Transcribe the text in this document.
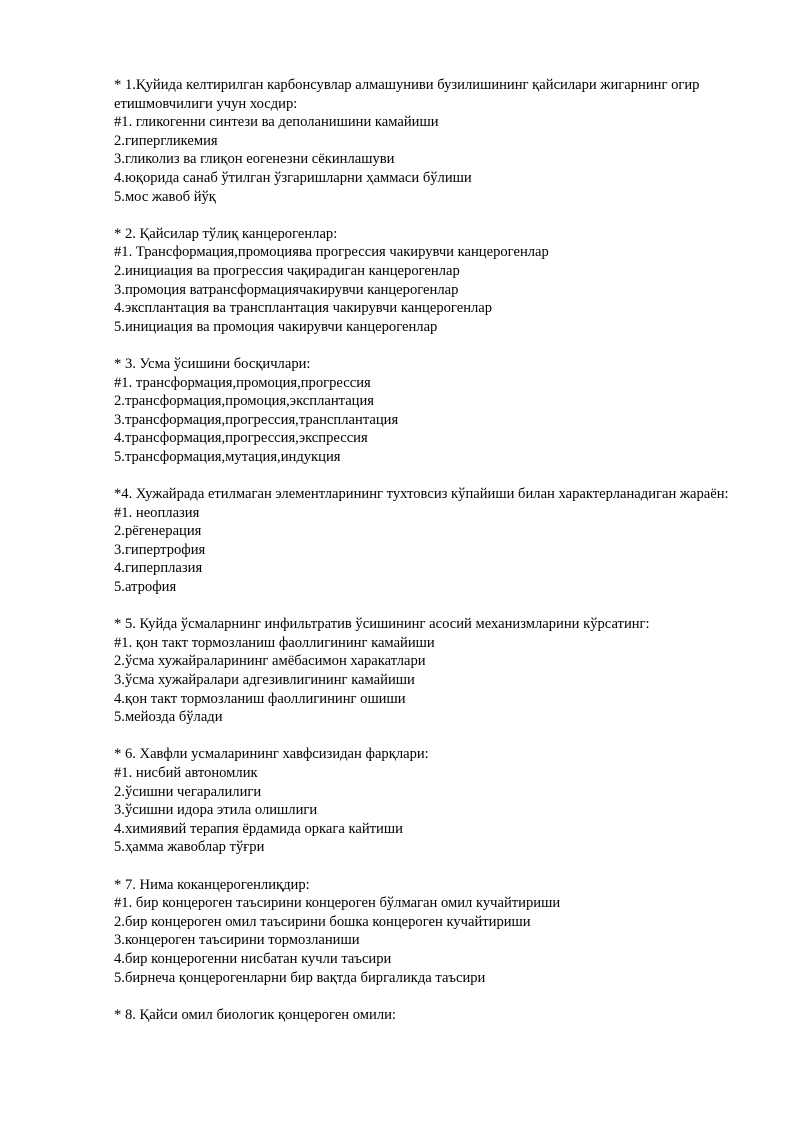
* 1.Қуйида келтирилган карбонсувлар алмашуниви бузилишининг қайсилари жигарнинг огир етишмовчилиги учун хосдир:
#1. гликогенни синтези ва деполанишини камайиши
2.гипергликемия
3.гликолиз ва глиқон еогенезни сёкинлашуви
4.юқорида санаб ўтилган ўзгаришларни ҳаммаси бўлиши
5.мос жавоб йўқ
* 2. Қайсилар тўлиқ канцерогенлар:
#1. Трансформация,промоциява прогрессия чакирувчи канцерогенлар
2.инициация ва прогрессия чақирадиган канцерогенлар
3.промоция ватрансформациячакирувчи канцерогенлар
4.эксплантация ва трансплантация чакирувчи канцерогенлар
5.инициация ва промоция чакирувчи канцерогенлар
* 3. Усма ўсишини босқичлари:
#1. трансформация,промоция,прогрессия
2.трансформация,промоция,эксплантация
3.трансформация,прогрессия,трансплантация
4.трансформация,прогрессия,экспрессия
5.трансформация,мутация,индукция
*4. Хужайрада етилмаган элементларининг тухтовсиз кўпайиши билан характерланадиган жараён:
#1. неоплазия
2.рёгенерация
3.гипертрофия
4.гиперплазия
5.атрофия
* 5. Куйда ўсмаларнинг инфильтратив ўсишининг асосий механизмларини кўрсатинг:
#1. қон такт тормозланиш фаоллигининг камайиши
2.ўсма хужайраларининг амёбасимон харакатлари
3.ўсма хужайралари адгезивлигининг камайиши
4.қон такт тормозланиш фаоллигининг ошиши
5.мейозда бўлади
* 6. Хавфли усмаларининг хавфсизидан фарқлари:
#1. нисбий автономлик
2.ўсишни чегаралилиги
3.ўсишни идора этила олишлиги
4.химиявий терапия ёрдамида оркага кайтиши
5.ҳамма жавоблар тўғри
* 7. Нима коканцерогенлиқдир:
#1. бир концероген таъсирини концероген бўлмаган омил кучайтириши
2.бир концероген омил таъсирини бошка концероген кучайтириши
3.концероген таъсирини тормозланиши
4.бир концерогенни нисбатан кучли таъсири
5.бирнеча қонцерогенларни бир вақтда биргаликда таъсири
* 8. Қайси омил биологик қонцероген омили:
